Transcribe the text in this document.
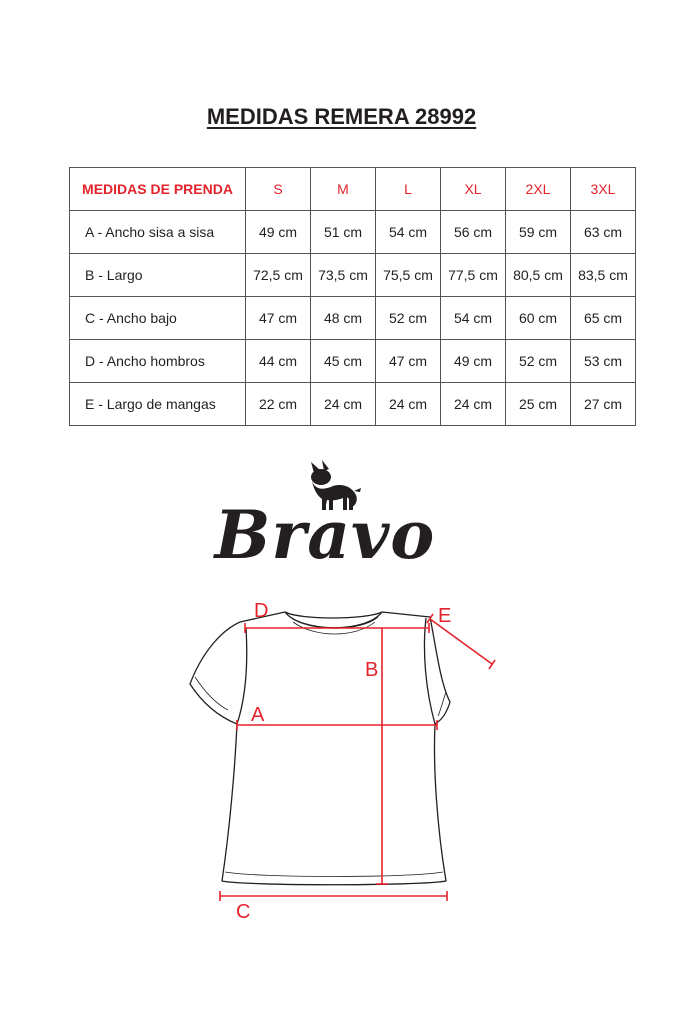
MEDIDAS REMERA 28992
MEDIDAS DE PRENDA	S	M	L	XL	2XL	3XL
A - Ancho sisa a sisa	49 cm	51 cm	54 cm	56 cm	59 cm	63 cm
B - Largo	72,5 cm	73,5 cm	75,5 cm	77,5 cm	80,5 cm	83,5 cm
C - Ancho bajo	47 cm	48 cm	52 cm	54 cm	60 cm	65 cm
D - Ancho hombros	44 cm	45 cm	47 cm	49 cm	52 cm	53 cm
E - Largo de mangas	22 cm	24 cm	24 cm	24 cm	25 cm	27 cm
Bravo
D	E
B
A
C
